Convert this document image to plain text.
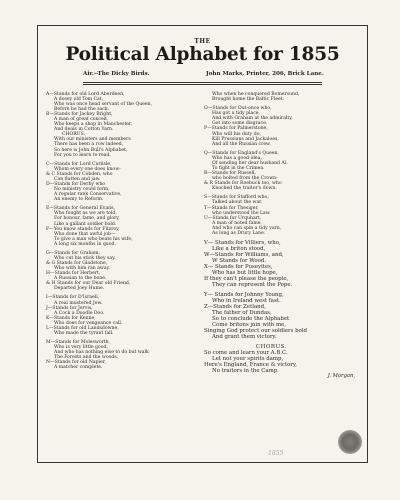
THE
Political Alphabet for 1855
Air.--The Dicky Birds.	John Marks, Printer, 206, Brick Lane.
A—Stands for old Lord Aberdeen,
A dosey old Tom Cat,
Who was once head servant of the Queen,
Before he had the sack.
B—Stands for Jackey Bright,
A man of great conceit,
Who keeps a shop in Manchester,
And deals in Cotton Yarn.
CHORUS.
With our ministers and members
There has been a row indeed,
So here is John Bull's Alphabet,
For you to learn to read.
C—Stands for Lord Carlisle,
Whom every one does know-
& C Stands for Cobden, who
Can flatten and jaw.
D—Stands for Derby who
No ministry could form,
A regular rank Conservative,
An enemy to Reform.
E—Stands for General Evans,
Who fought as we are told,
For honour, fame, and glory,
Like a gallant soldier bold.
F—You know stands for Fitzroy,
Who done that awful job—
To give a man who beats his wife,
A long six months in quod.
G—Stands for Graham,
Who cut his stick they say.
& G Stands for Gladstone,
Who with him ran away.
H—Stands for Herbert,
A Russian to the bone.
& H Stands for our Dear old Friend,
Departed Joey Hume.
I—Stands for D'Israeli,
A real mustered Jew.
J—Stands for Jervis,
A Cock a Doodle Doo.
K—Stands for Kenne,
Who does for vengeance call.
L—Stands for old Landsdowne,
Who made the tyrant fall.
M—Stands for Molesworth,
Who is very little good,
And who has nothing else to do but walk
The Forests and the woods.
N—Stands for old Napier,
A matcher complete.
Who when he conquered Bomersund,
Brought home the Baltic Fleet.
O—Stands for Out-once who,
Has got a tidy place,
And with Graham at the admiralty,
Got into some disgrace.
P—Stands for Palmerstone,
Who will his duty do,
Kill Prussians and Jackaloes,
And all the Russian crew.
Q—Stands for England's Queen,
Who has a good idea,
Of sending her dear husband Al.
To fight in the Crimea.
R—Stands for Russell,
who bolted from the Crown-
& R Stands for Roebuck too, who
Knocked the traitor's down.
S—Stands for Stafford who,
Talked about the war.
T—Stands for Thesiger,
who understood the Law.
U—Stands for Urquhart,
A man of noted fame,
And who can spin a tidy yarn,
As long as Drury Lane.
V— Stands for Villiers, who,
Like a briton stood,
W—Stands for Williams, and,
W Stands for Wood.
X— Stands for Puseyites,
Who has but little hope,
If they can't please the people,
They can represent the Pope.
Y— Stands for Johnny Young,
Who in Ireland west fast.
Z—Stands for Zetland,
The father of Dundas,
So to conclude the Alphabet
Come britons join with me,
Singing God protect our soldiers bold
And grant them victory.
CHORUS.
So come and learn your A.B.C.
Let not your spirits damp,
Here's England, France & victory,
No traitors in the Camp.
J. Morgan,
1855
